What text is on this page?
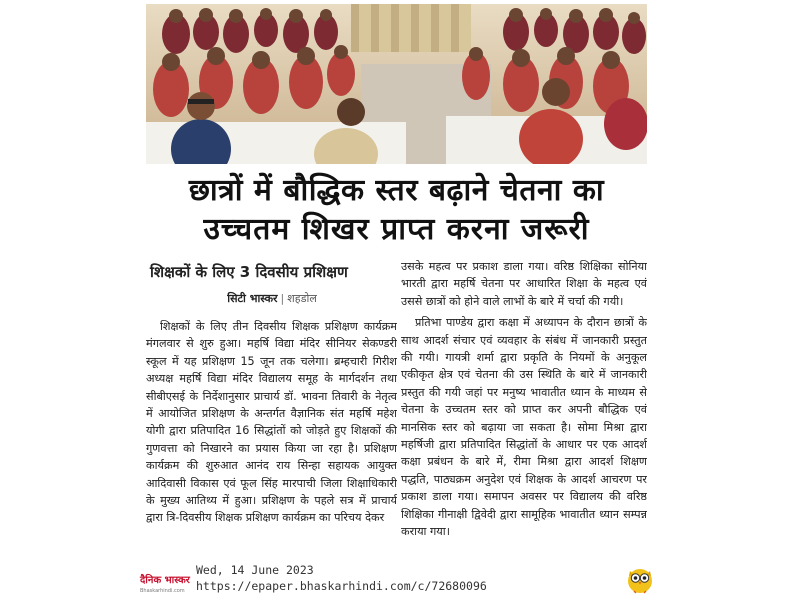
छात्रों में बौद्धिक स्तर बढ़ाने चेतना का
उच्चतम शिखर प्राप्त करना जरूरी
शिक्षकों के लिए 3 दिवसीय प्रशिक्षण
सिटी भास्कर | शहडोल

शिक्षकों के लिए तीन दिवसीय शिक्षक प्रशिक्षण कार्यक्रम मंगलवार से शुरु हुआ। महर्षि विद्या मंदिर सीनियर सेकण्डरी स्कूल में यह प्रशिक्षण 15 जून तक चलेगा। ब्रम्हचारी गिरीश अध्यक्ष महर्षि विद्या मंदिर विद्यालय समूह के मार्गदर्शन तथा सीबीएसई के निर्देशानुसार प्राचार्य डॉ. भावना तिवारी के नेतृत्व में आयोजित प्रशिक्षण के अन्तर्गत वैज्ञानिक संत महर्षि महेश योगी द्वारा प्रतिपादित 16 सिद्धांतों को जोड़ते हुए शिक्षकों की गुणवत्ता को निखारने का प्रयास किया जा रहा है। प्रशिक्षण कार्यक्रम की शुरुआत आनंद राय सिन्हा सहायक आयुक्त आदिवासी विकास एवं फूल सिंह मारपाची जिला शिक्षाधिकारी के मुख्य आतिथ्य में हुआ। प्रशिक्षण के पहले सत्र में प्राचार्य द्वारा त्रि-दिवसीय शिक्षक प्रशिक्षण कार्यक्रम का परिचय देकर

उसके महत्व पर प्रकाश डाला गया। वरिष्ठ शिक्षिका सोनिया भारती द्वारा महर्षि चेतना पर आधारित शिक्षा के महत्व एवं उससे छात्रों को होने वाले लाभों के बारे में चर्चा की गयी।

प्रतिभा पाण्डेय द्वारा कक्षा में अध्यापन के दौरान छात्रों के साथ आदर्श संचार एवं व्यवहार के संबंध में जानकारी प्रस्तुत की गयी। गायत्री शर्मा द्वारा प्रकृति के नियमों के अनुकूल एकीकृत क्षेत्र एवं चेतना की उस स्थिति के बारे में जानकारी प्रस्तुत की गयी जहां पर मनुष्य भावातीत ध्यान के माध्यम से चेतना के उच्चतम स्तर को प्राप्त कर अपनी बौद्धिक एवं मानसिक स्तर को बढ़ाया जा सकता है। सोमा मिश्रा द्वारा महर्षिजी द्वारा प्रतिपादित सिद्धांतों के आधार पर एक आदर्श कक्षा प्रबंधन के बारे में, रीमा मिश्रा द्वारा आदर्श शिक्षण पद्धति, पाठ्यक्रम अनुदेश एवं शिक्षक के आदर्श आचरण पर प्रकाश डाला गया। समापन अवसर पर विद्यालय की वरिष्ठ शिक्षिका गीनाक्षी द्विवेदी द्वारा सामूहिक भावातीत ध्यान सम्पन्न कराया गया।

दैनिक भास्कर
Bhaskarhindi.com
Wed, 14 June 2023
https://epaper.bhaskarhindi.com/c/72680096
